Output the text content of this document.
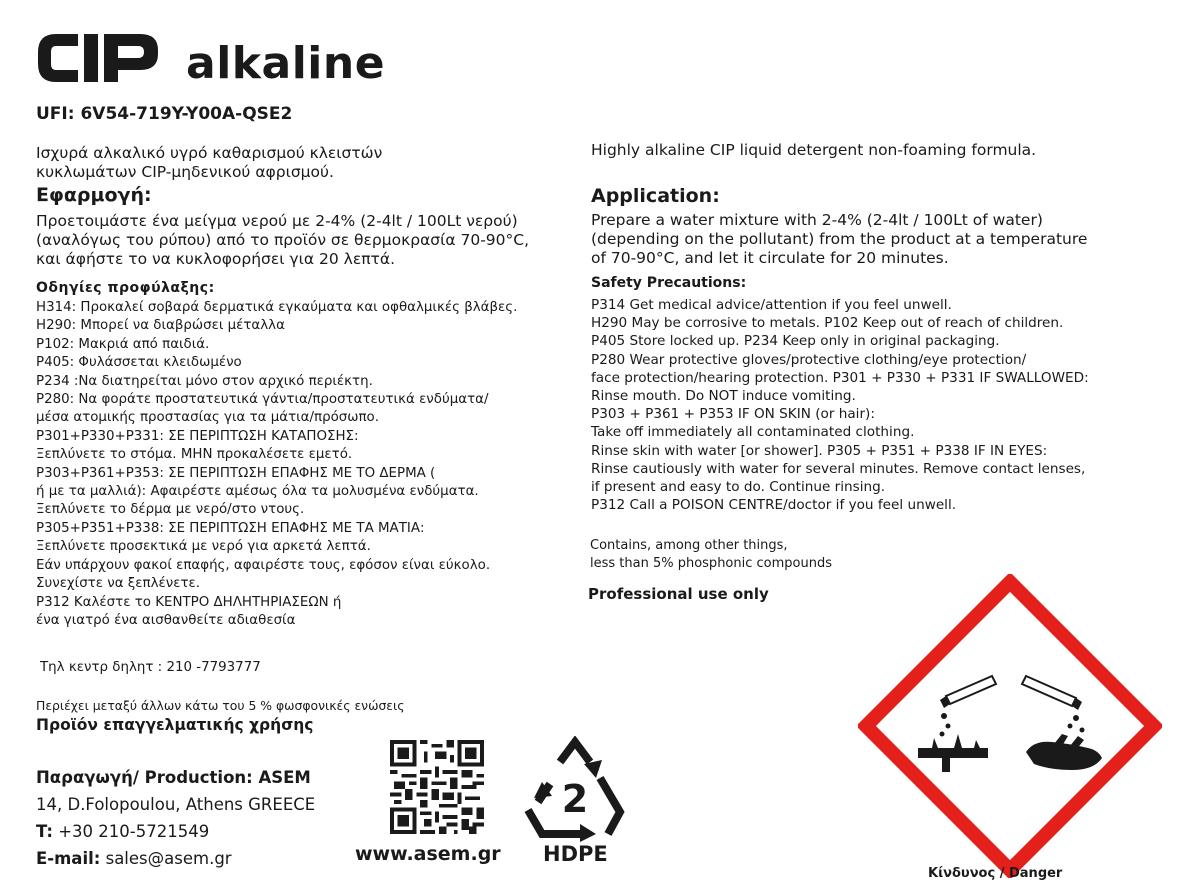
alkaline
UFI: 6V54-719Y-Y00A-QSE2
Ισχυρά αλκαλικό υγρό καθαρισμού κλειστών
κυκλωμάτων CIP-μηδενικού αφρισμού.
Εφαρμογή:
Προετοιμάστε ένα μείγμα νερού με 2-4% (2-4lt / 100Lt νερού)
(αναλόγως του ρύπου) από το προϊόν σε θερμοκρασία 70-90°C,
και άφήστε το να κυκλοφορήσει για 20 λεπτά.
Οδηγίες προφύλαξης:
Η314: Προκαλεί σοβαρά δερματικά εγκαύματα και οφθαλμικές βλάβες.
Η290: Μπορεί να διαβρώσει μέταλλα
Ρ102: Μακριά από παιδιά.
Ρ405: Φυλάσσεται κλειδωμένο
Ρ234 :Να διατηρείται μόνο στον αρχικό περιέκτη.
Ρ280: Να φοράτε προστατευτικά γάντια/προστατευτικά ενδύματα/
μέσα ατομικής προστασίας για τα μάτια/πρόσωπο.
Ρ301+Ρ330+Ρ331: ΣΕ ΠΕΡΙΠΤΩΣΗ ΚΑΤΑΠΟΣΗΣ:
Ξεπλύνετε το στόμα. ΜΗΝ προκαλέσετε εμετό.
Ρ303+Ρ361+Ρ353: ΣΕ ΠΕΡΙΠΤΩΣΗ ΕΠΑΦΗΣ ΜΕ ΤΟ ΔΕΡΜΑ (
ή με τα μαλλιά): Αφαιρέστε αμέσως όλα τα μολυσμένα ενδύματα.
Ξεπλύνετε το δέρμα με νερό/στο ντους.
Ρ305+Ρ351+Ρ338: ΣΕ ΠΕΡΙΠΤΩΣΗ ΕΠΑΦΗΣ ΜΕ ΤΑ ΜΑΤΙΑ:
Ξεπλύνετε προσεκτικά με νερό για αρκετά λεπτά.
Εάν υπάρχουν φακοί επαφής, αφαιρέστε τους, εφόσον είναι εύκολο.
Συνεχίστε να ξεπλένετε.
Ρ312 Καλέστε το ΚΕΝΤΡΟ ΔΗΛΗΤΗΡΙΑΣΕΩΝ ή
ένα γιατρό ένα αισθανθείτε αδιαθεσία
Τηλ κεντρ δηλητ : 210 -7793777
Περιέχει μεταξύ άλλων κάτω του 5 % φωσφονικές ενώσεις
Προϊόν επαγγελματικής χρήσης
Παραγωγή/ Production: ASEM
14, D.Folopoulou, Athens GREECE
T: +30 210-5721549
E-mail: sales@asem.gr	www.asem.gr
2
HDPE
Highly alkaline CIP liquid detergent non-foaming formula.
Application:
Prepare a water mixture with 2-4% (2-4lt / 100Lt of water)
(depending on the pollutant) from the product at a temperature
of 70-90°C, and let it circulate for 20 minutes.
Safety Precautions:
P314 Get medical advice/attention if you feel unwell.
H290 May be corrosive to metals. P102 Keep out of reach of children.
P405 Store locked up. P234 Keep only in original packaging.
P280 Wear protective gloves/protective clothing/eye protection/
face protection/hearing protection. P301 + P330 + P331 IF SWALLOWED:
Rinse mouth. Do NOT induce vomiting.
P303 + P361 + P353 IF ON SKIN (or hair):
Take off immediately all contaminated clothing.
Rinse skin with water [or shower]. P305 + P351 + P338 IF IN EYES:
Rinse cautiously with water for several minutes. Remove contact lenses,
if present and easy to do. Continue rinsing.
P312 Call a POISON CENTRE/doctor if you feel unwell.
Contains, among other things,
less than 5% phosphonic compounds
Professional use only
Κίνδυνος / Danger
